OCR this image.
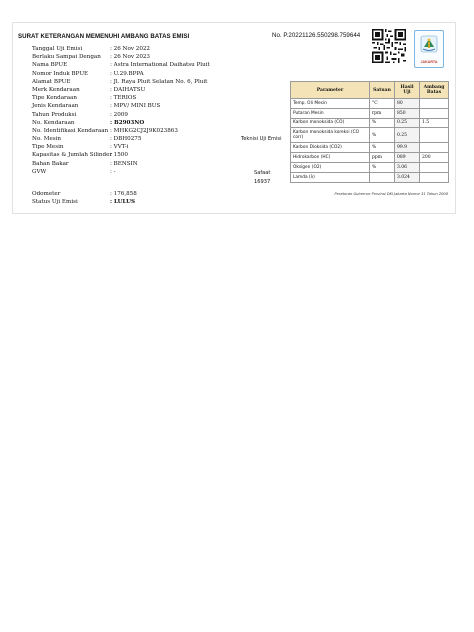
SURAT KETERANGAN MEMENUHI AMBANG BATAS EMISI	No. P.20221126.550298.759644
JAKARTA
Tanggal Uji Emisi	: 26 Nov 2022
Berlaku Sampai Dengan : 26 Nov 2023
Nama BPUE	: Astra International Daihatsu Pluit
Nomor Induk BPUE	: U.29.BPPA
Alamat BPUE	: Jl. Raya Pluit Selatan No. 6, Pluit
Merk Kendaraan	: DAIHATSU
Tipe Kendaraan	: TERIOS
Jenis Kendaraan	: MPV/ MINI BUS
Tahun Produksi	: 2009
No. Kendaraan	: B2903NO
No. Identifikasi Kendaraan : MHKG2CJ2J9K023863
No. Mesin	: DBH0275
Tipe Mesin	: VVT-i
Kapasitas & Jumlah Silinder
: 1500
Bahan Bakar	: BENSIN
GVW	: -
Teknisi Uji Emisi
Safaat
16937
Parameter	Satuan	Hasil Uji	Ambang Batas
Temp. Oli Mesin	°C	80	
Putaran Mesin	rpm	850	
Karbon monoksida (CO)	%	0.25	1.5
Karbon monoksida koreksi (CO corr)	%	0.25	
Karbon Dioksida (CO2)	%	99.9	
Hidrokarbon (HC)	ppm	089	200
Oksigen (O2)	%	3.06	
Lamda (λ)		3.024	
Peraturan Gubernur Provinsi DKI Jakarta Nomor 31 Tahun 2008
Odometer	: 176,858
Status Uji Emisi	: LULUS
